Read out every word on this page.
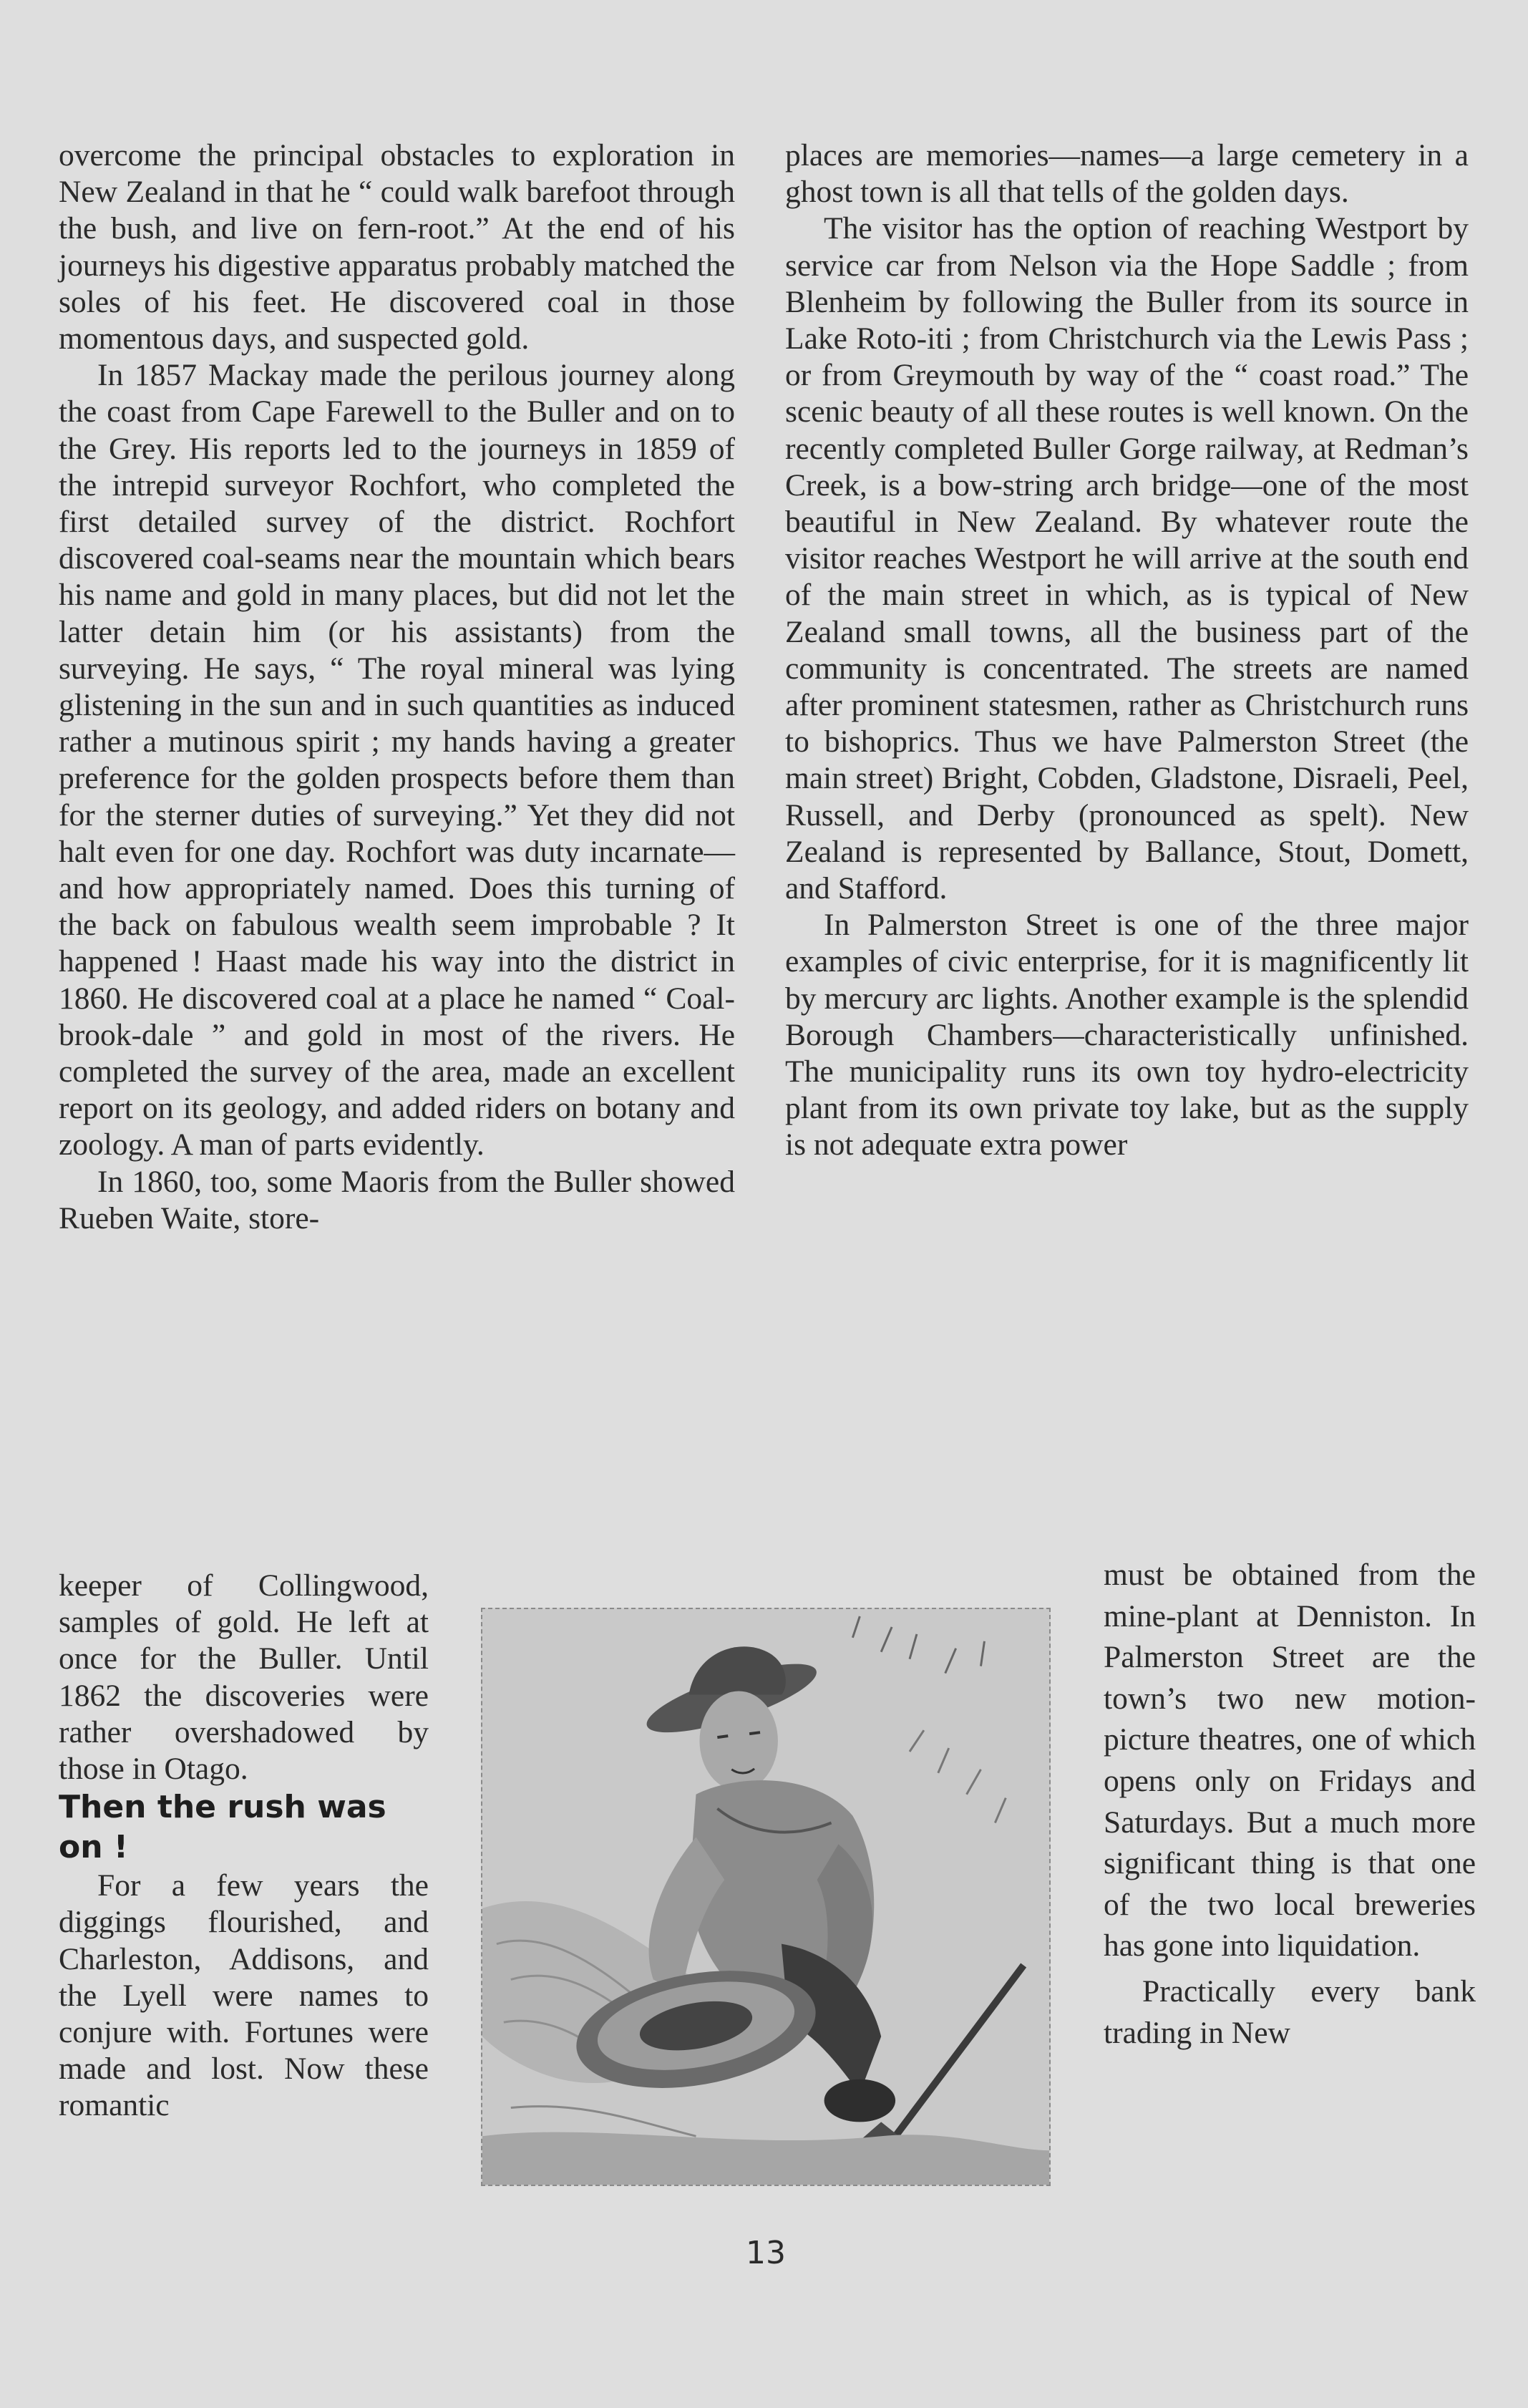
overcome the principal obstacles to exploration in New Zealand in that he “ could walk barefoot through the bush, and live on fern-root.” At the end of his journeys his digestive apparatus probably matched the soles of his feet. He discovered coal in those momentous days, and suspected gold.

In 1857 Mackay made the perilous journey along the coast from Cape Farewell to the Buller and on to the Grey. His reports led to the journeys in 1859 of the intrepid surveyor Rochfort, who completed the first detailed survey of the district. Rochfort discovered coal-seams near the mountain which bears his name and gold in many places, but did not let the latter detain him (or his assistants) from the surveying. He says, “ The royal mineral was lying glistening in the sun and in such quantities as induced rather a mutinous spirit ; my hands having a greater preference for the golden prospects before them than for the sterner duties of surveying.” Yet they did not halt even for one day. Rochfort was duty incarnate—and how appropriately named. Does this turning of the back on fabulous wealth seem improbable ? It happened ! Haast made his way into the district in 1860. He discovered coal at a place he named “ Coal-brook-dale ” and gold in most of the rivers. He completed the survey of the area, made an excellent report on its geology, and added riders on botany and zoology. A man of parts evidently.

In 1860, too, some Maoris from the Buller showed Rueben Waite, store-

keeper of Collingwood, samples of gold. He left at once for the Buller. Until 1862 the discoveries were rather overshadowed by those in Otago.

Then the rush was on !

For a few years the diggings flourished, and Charleston, Addisons, and the Lyell were names to conjure with. Fortunes were made and lost. Now these romantic

places are memories—names—a large cemetery in a ghost town is all that tells of the golden days.

The visitor has the option of reaching Westport by service car from Nelson via the Hope Saddle ; from Blenheim by following the Buller from its source in Lake Roto-iti ; from Christchurch via the Lewis Pass ; or from Greymouth by way of the “ coast road.” The scenic beauty of all these routes is well known. On the recently completed Buller Gorge railway, at Redman’s Creek, is a bow-string arch bridge—one of the most beautiful in New Zealand. By whatever route the visitor reaches Westport he will arrive at the south end of the main street in which, as is typical of New Zealand small towns, all the business part of the community is concentrated. The streets are named after prominent statesmen, rather as Christchurch runs to bishoprics. Thus we have Palmerston Street (the main street) Bright, Cobden, Gladstone, Disraeli, Peel, Russell, and Derby (pronounced as spelt). New Zealand is represented by Ballance, Stout, Domett, and Stafford.

In Palmerston Street is one of the three major examples of civic enterprise, for it is magnificently lit by mercury arc lights. Another example is the splendid Borough Chambers—characteristically unfinished. The municipality runs its own toy hydro-electricity plant from its own private toy lake, but as the supply is not adequate extra power

must be obtained from the mine-plant at Denniston. In Palmerston Street are the town’s two new motion-picture theatres, one of which opens only on Fridays and Saturdays. But a much more significant thing is that one of the two local breweries has gone into liquidation.

Practically every bank trading in New

13
